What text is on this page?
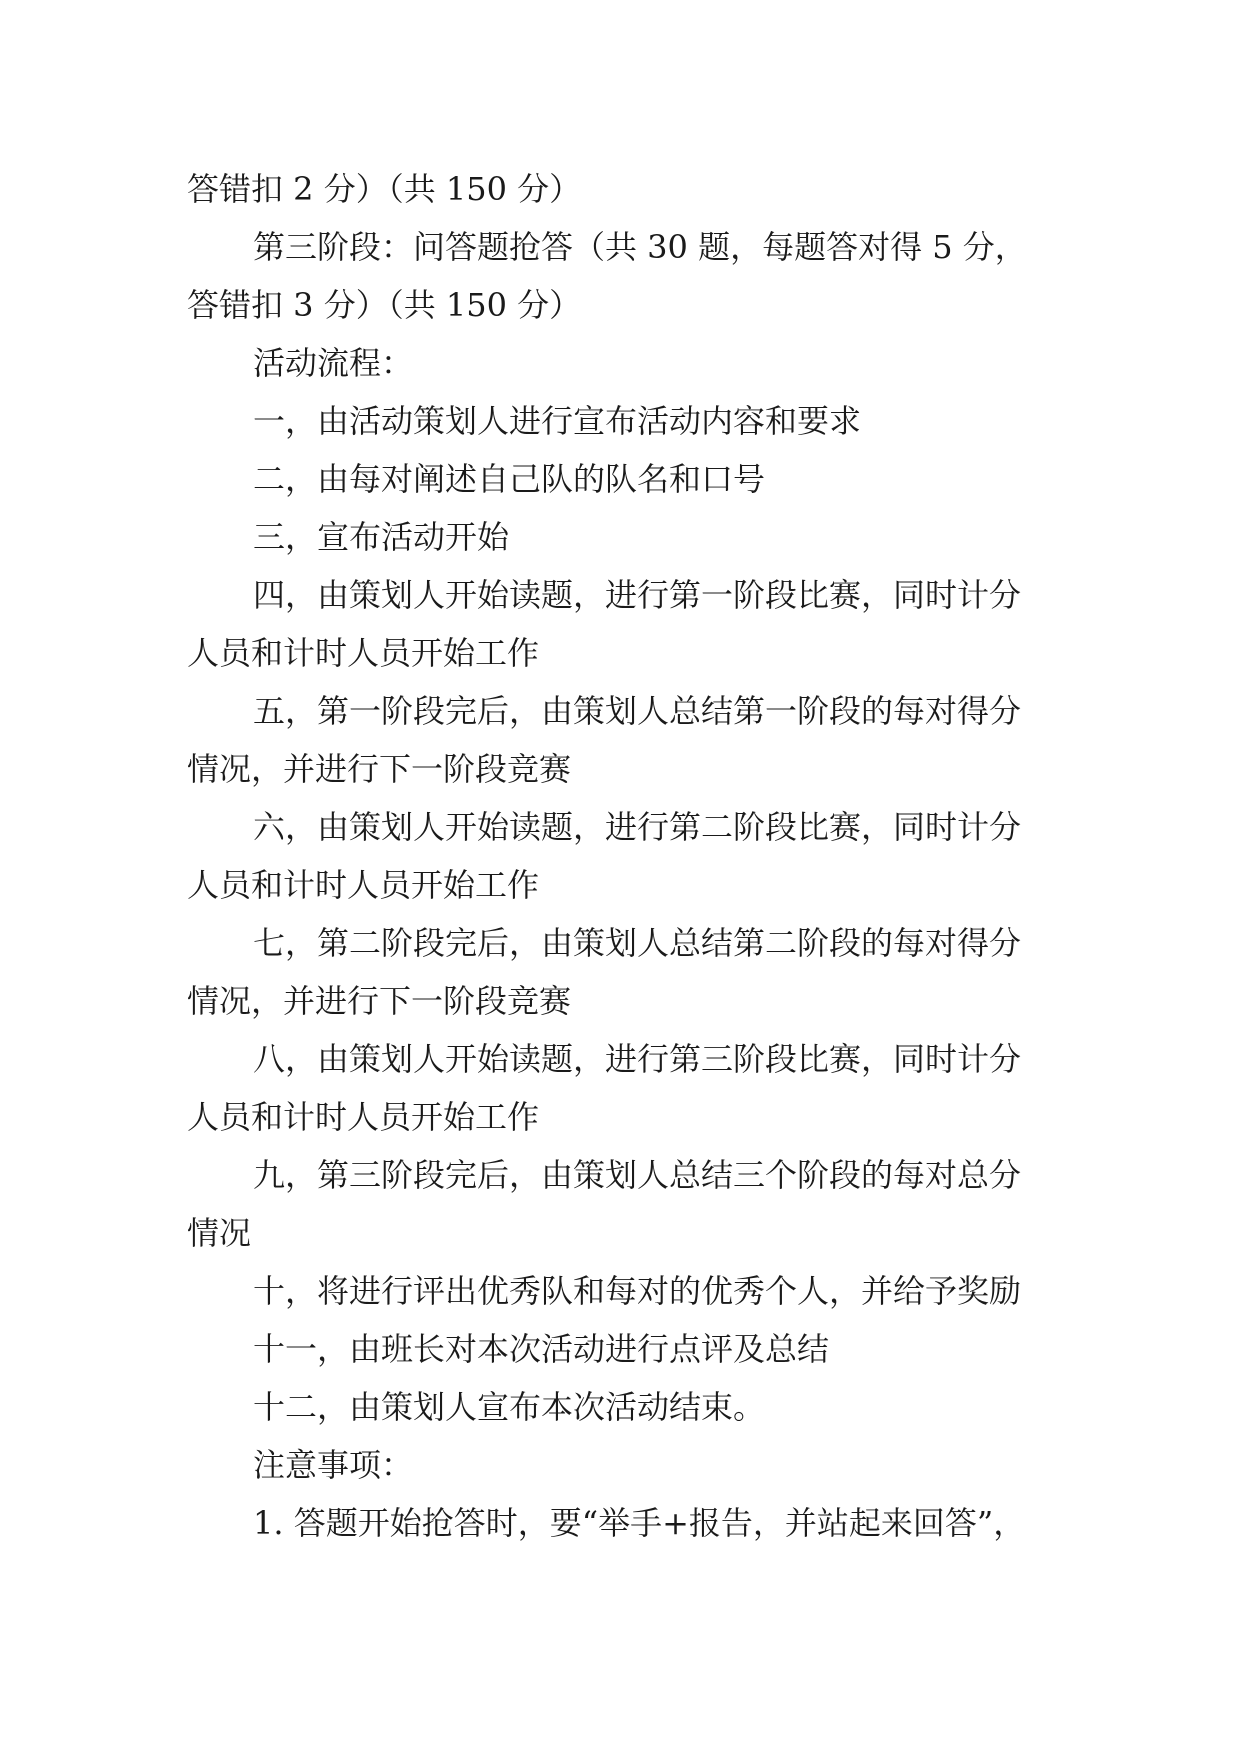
答错扣 2 分）（共 150 分）
第三阶段：问答题抢答（共 30 题，每题答对得 5 分，
答错扣 3 分）（共 150 分）
活动流程：
一，由活动策划人进行宣布活动内容和要求
二，由每对阐述自己队的队名和口号
三，宣布活动开始
四，由策划人开始读题，进行第一阶段比赛，同时计分
人员和计时人员开始工作
五，第一阶段完后，由策划人总结第一阶段的每对得分
情况，并进行下一阶段竞赛
六，由策划人开始读题，进行第二阶段比赛，同时计分
人员和计时人员开始工作
七，第二阶段完后，由策划人总结第二阶段的每对得分
情况，并进行下一阶段竞赛
八，由策划人开始读题，进行第三阶段比赛，同时计分
人员和计时人员开始工作
九，第三阶段完后，由策划人总结三个阶段的每对总分
情况
十，将进行评出优秀队和每对的优秀个人，并给予奖励
十一，由班长对本次活动进行点评及总结
十二，由策划人宣布本次活动结束。
注意事项：
1. 答题开始抢答时，要“举手+报告，并站起来回答”，
